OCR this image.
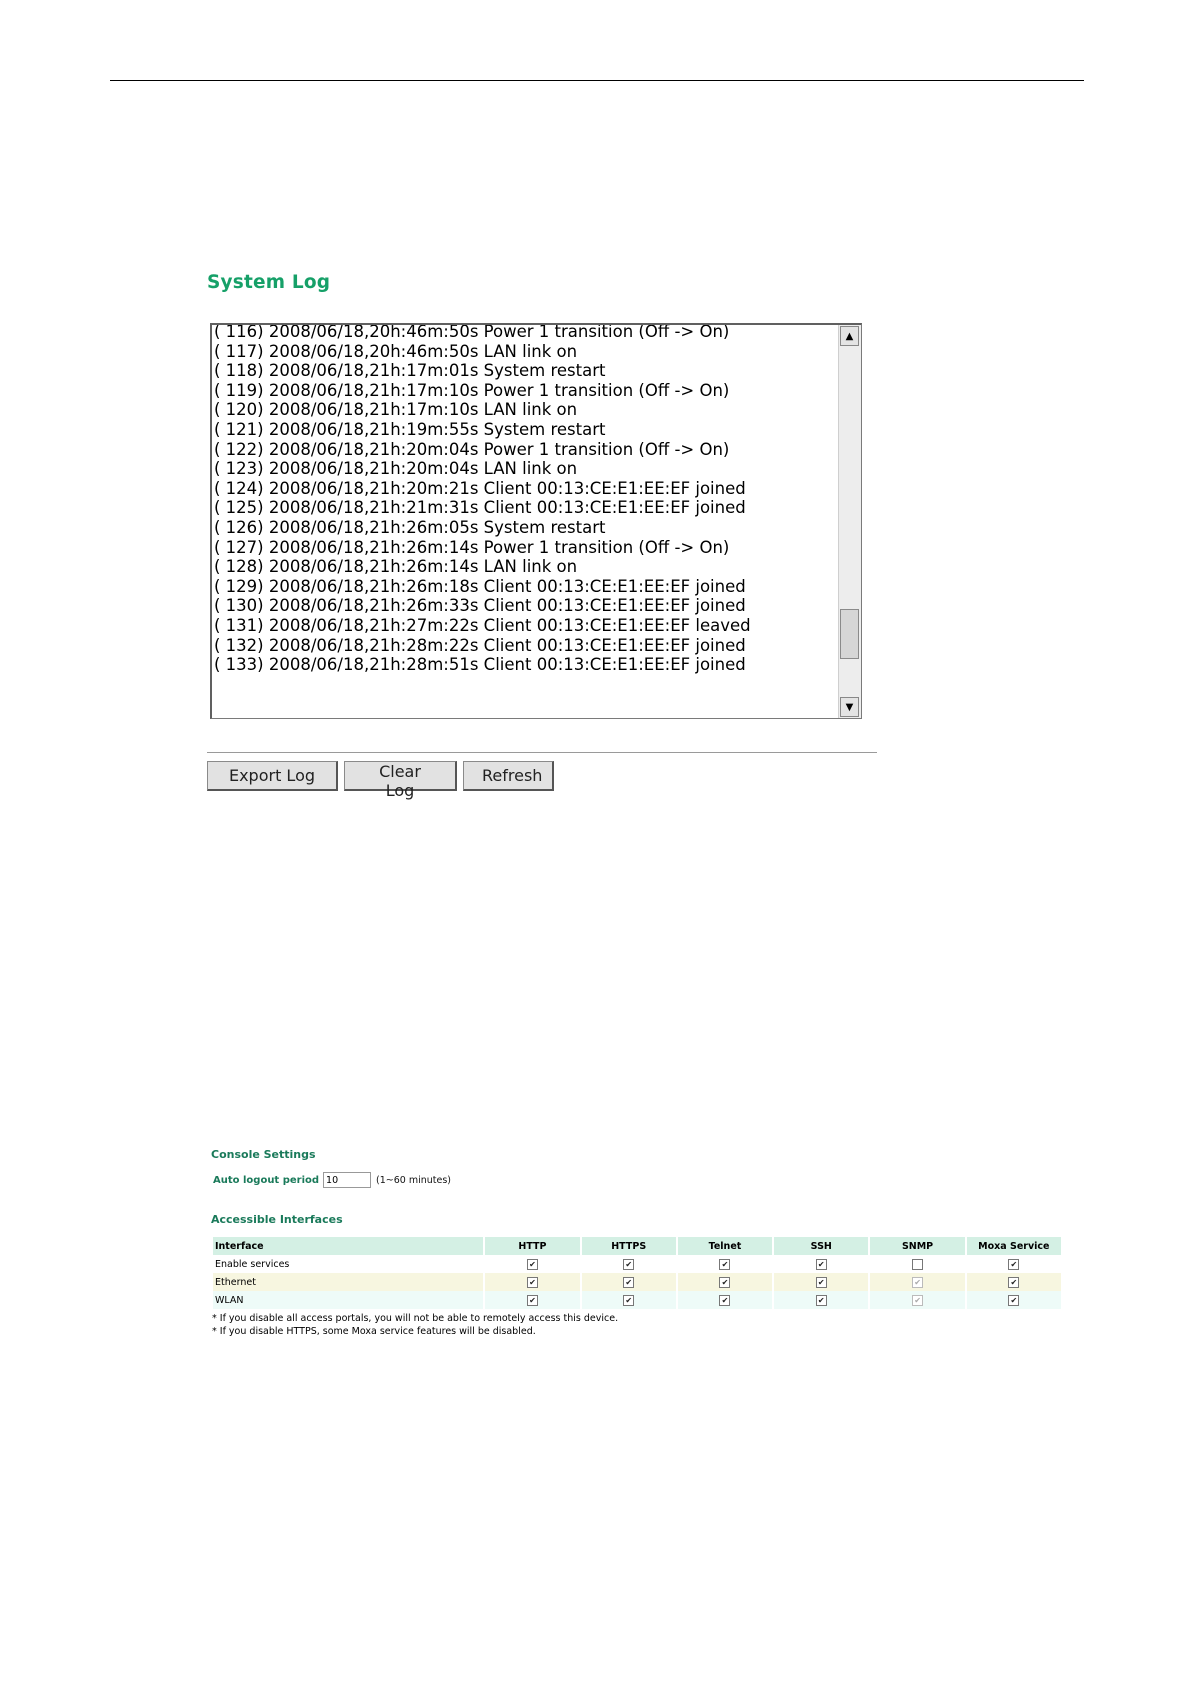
System Log
( 116) 2008/06/18,20h:46m:50s Power 1 transition (Off -> On)
( 117) 2008/06/18,20h:46m:50s LAN link on
( 118) 2008/06/18,21h:17m:01s System restart
( 119) 2008/06/18,21h:17m:10s Power 1 transition (Off -> On)
( 120) 2008/06/18,21h:17m:10s LAN link on
( 121) 2008/06/18,21h:19m:55s System restart
( 122) 2008/06/18,21h:20m:04s Power 1 transition (Off -> On)
( 123) 2008/06/18,21h:20m:04s LAN link on
( 124) 2008/06/18,21h:20m:21s Client 00:13:CE:E1:EE:EF joined
( 125) 2008/06/18,21h:21m:31s Client 00:13:CE:E1:EE:EF joined
( 126) 2008/06/18,21h:26m:05s System restart
( 127) 2008/06/18,21h:26m:14s Power 1 transition (Off -> On)
( 128) 2008/06/18,21h:26m:14s LAN link on
( 129) 2008/06/18,21h:26m:18s Client 00:13:CE:E1:EE:EF joined
( 130) 2008/06/18,21h:26m:33s Client 00:13:CE:E1:EE:EF joined
( 131) 2008/06/18,21h:27m:22s Client 00:13:CE:E1:EE:EF leaved
( 132) 2008/06/18,21h:28m:22s Client 00:13:CE:E1:EE:EF joined
( 133) 2008/06/18,21h:28m:51s Client 00:13:CE:E1:EE:EF joined
▲
▼
Export Log	Clear Log
Refresh
Console Settings
Auto logout period
10	(1~60 minutes)
Accessible Interfaces
Interface	HTTP	HTTPS	Telnet	SSH	SNMP	Moxa Service
Enable services	✔	✔	✔	✔		✔
Ethernet	✔	✔	✔	✔	✔	✔
WLAN	✔	✔	✔	✔	✔	✔
* If you disable all access portals, you will not be able to remotely access this device.
* If you disable HTTPS, some Moxa service features will be disabled.
